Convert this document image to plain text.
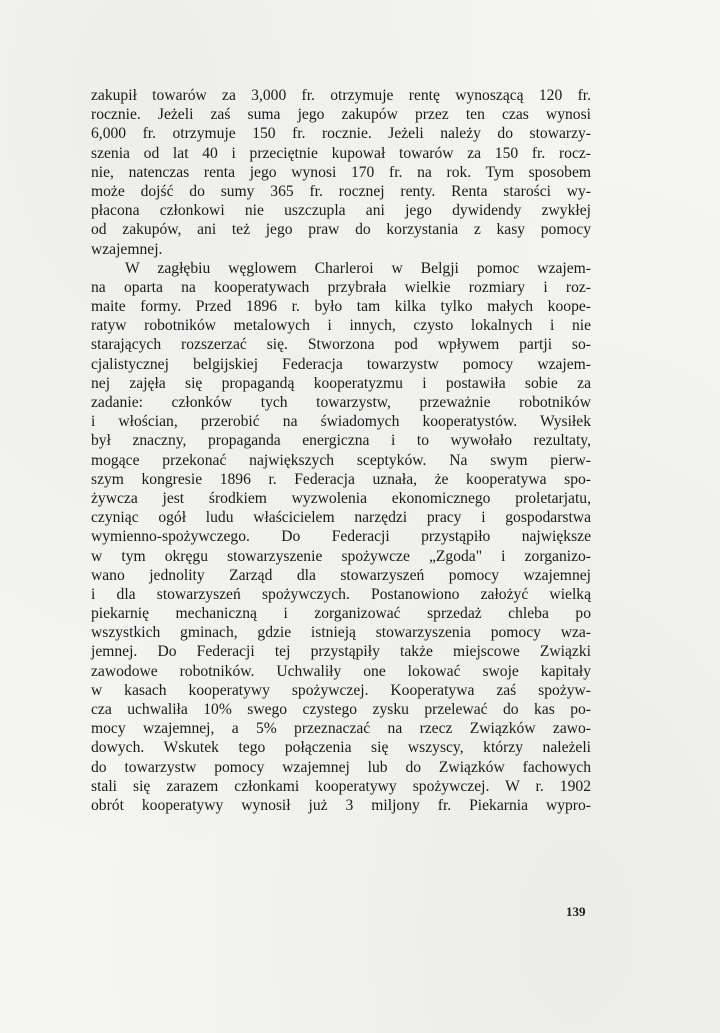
zakupił towarów za 3,000 fr. otrzymuje rentę wynoszącą 120 fr.
rocznie. Jeżeli zaś suma jego zakupów przez ten czas wynosi
6,000 fr. otrzymuje 150 fr. rocznie. Jeżeli należy do stowarzy-
szenia od lat 40 i przeciętnie kupował towarów za 150 fr. rocz-
nie, natenczas renta jego wynosi 170 fr. na rok. Tym sposobem
może dojść do sumy 365 fr. rocznej renty. Renta starości wy-
płacona członkowi nie uszczupla ani jego dywidendy zwykłej
od zakupów, ani też jego praw do korzystania z kasy pomocy
wzajemnej.
W zagłębiu węglowem Charleroi w Belgji pomoc wzajem-
na oparta na kooperatywach przybrała wielkie rozmiary i roz-
maite formy. Przed 1896 r. było tam kilka tylko małych koope-
ratyw robotników metalowych i innych, czysto lokalnych i nie
starających rozszerzać się. Stworzona pod wpływem partji so-
cjalistycznej belgijskiej Federacja towarzystw pomocy wzajem-
nej zajęła się propagandą kooperatyzmu i postawiła sobie za
zadanie: członków tych towarzystw, przeważnie robotników
i włościan, przerobić na świadomych kooperatystów. Wysiłek
był znaczny, propaganda energiczna i to wywołało rezultaty,
mogące przekonać największych sceptyków. Na swym pierw-
szym kongresie 1896 r. Federacja uznała, że kooperatywa spo-
żywcza jest środkiem wyzwolenia ekonomicznego proletarjatu,
czyniąc ogół ludu właścicielem narzędzi pracy i gospodarstwa
wymienno-spożywczego. Do Federacji przystąpiło największe
w tym okręgu stowarzyszenie spożywcze „Zgoda" i zorganizo-
wano jednolity Zarząd dla stowarzyszeń pomocy wzajemnej
i dla stowarzyszeń spożywczych. Postanowiono założyć wielką
piekarnię mechaniczną i zorganizować sprzedaż chleba po
wszystkich gminach, gdzie istnieją stowarzyszenia pomocy wza-
jemnej. Do Federacji tej przystąpiły także miejscowe Związki
zawodowe robotników. Uchwaliły one lokować swoje kapitały
w kasach kooperatywy spożywczej. Kooperatywa zaś spożyw-
cza uchwaliła 10% swego czystego zysku przelewać do kas po-
mocy wzajemnej, a 5% przeznaczać na rzecz Związków zawo-
dowych. Wskutek tego połączenia się wszyscy, którzy należeli
do towarzystw pomocy wzajemnej lub do Związków fachowych
stali się zarazem członkami kooperatywy spożywczej. W r. 1902
obrót kooperatywy wynosił już 3 miljony fr. Piekarnia wypro-
139
